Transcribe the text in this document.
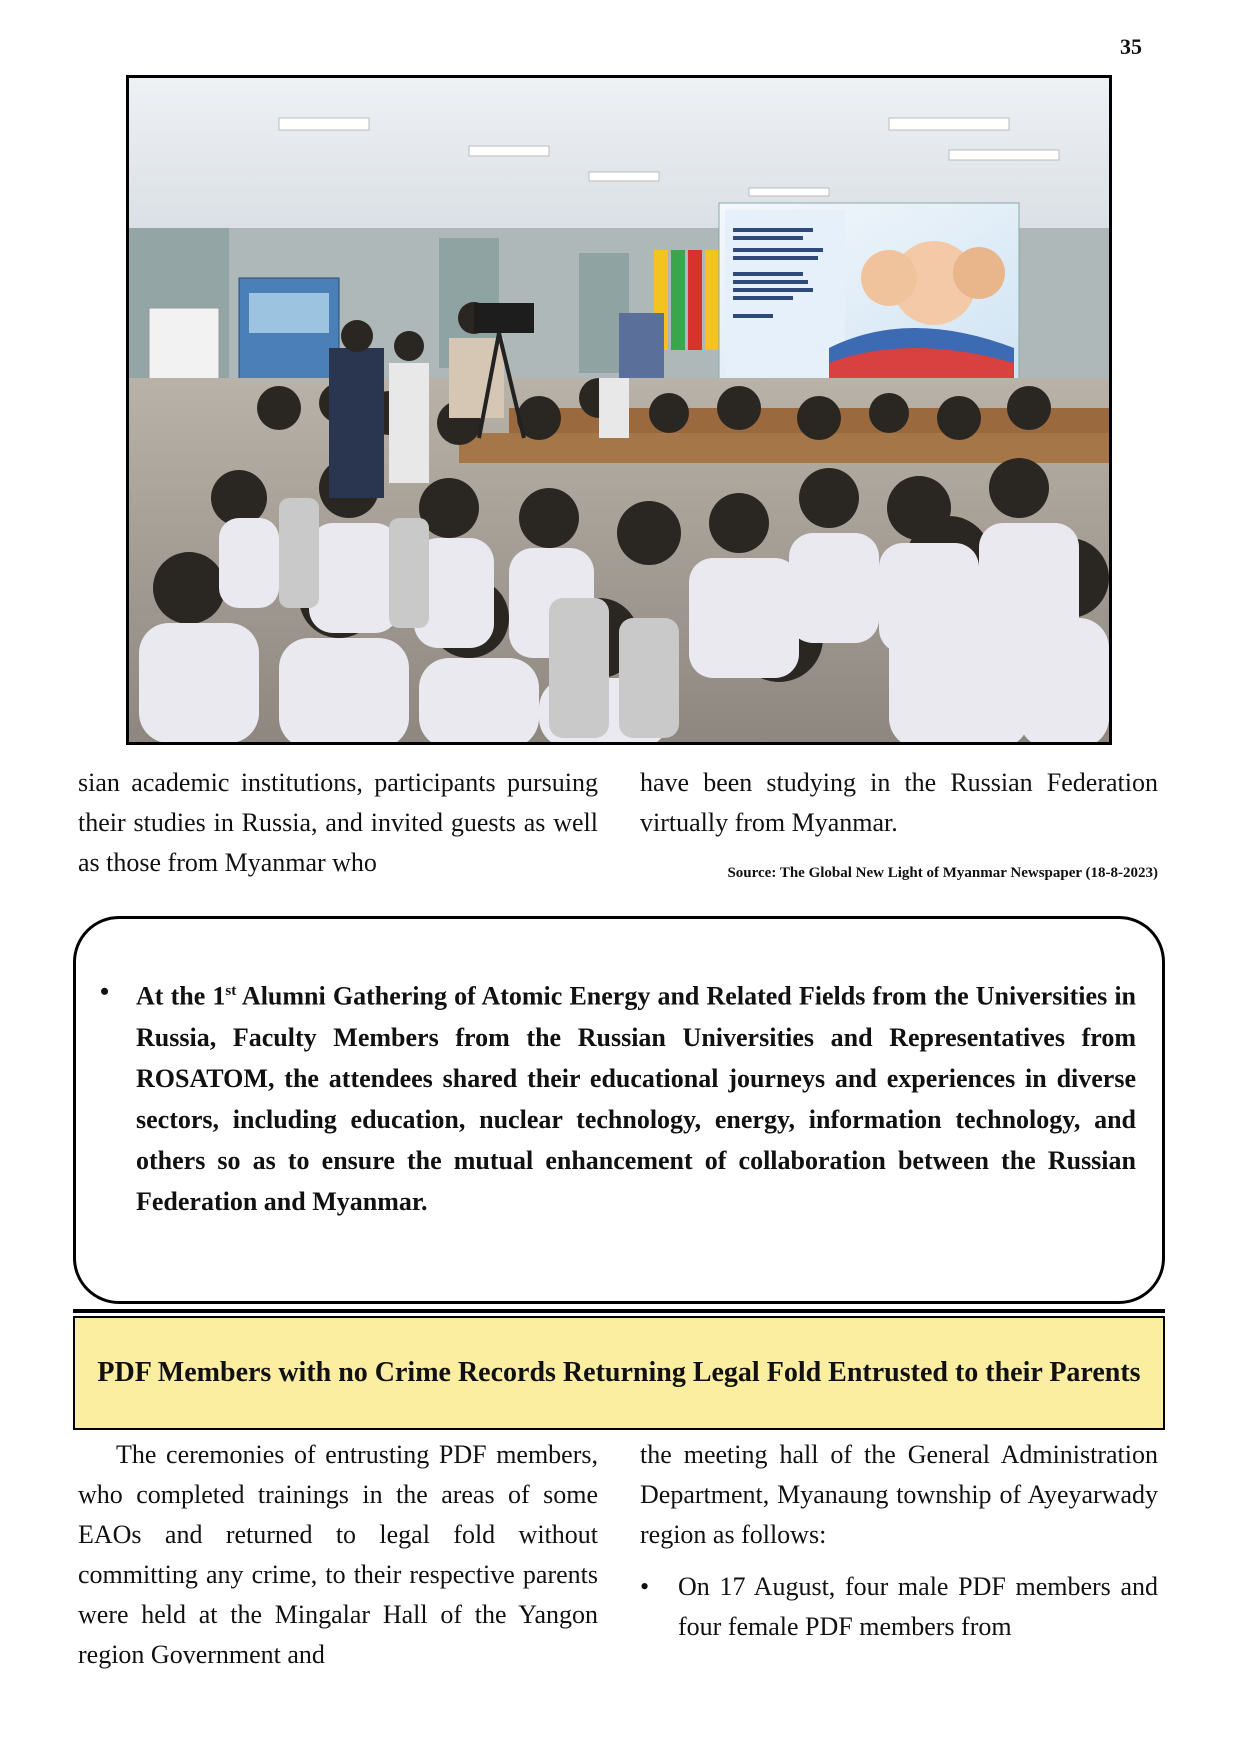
35

sian academic institutions, participants pursuing their studies in Russia, and invited guests as well as those from Myanmar who

have been studying in the Russian Federation virtually from Myanmar.

Source: The Global New Light of Myanmar Newspaper (18-8-2023)
• At the 1st Alumni Gathering of Atomic Energy and Related Fields from the Universities in Russia, Faculty Members from the Russian Universities and Representatives from ROSATOM, the attendees shared their educational journeys and experiences in diverse sectors, including education, nuclear technology, energy, information technology, and others so as to ensure the mutual enhancement of collaboration between the Russian Federation and Myanmar.
PDF Members with no Crime Records Returning Legal Fold Entrusted to their Parents

The ceremonies of entrusting PDF members, who completed trainings in the areas of some EAOs and returned to legal fold without committing any crime, to their respective parents were held at the Mingalar Hall of the Yangon region Government and

the meeting hall of the General Administration Department, Myanaung township of Ayeyarwady region as follows:

• On 17 August, four male PDF members and four female PDF members from
